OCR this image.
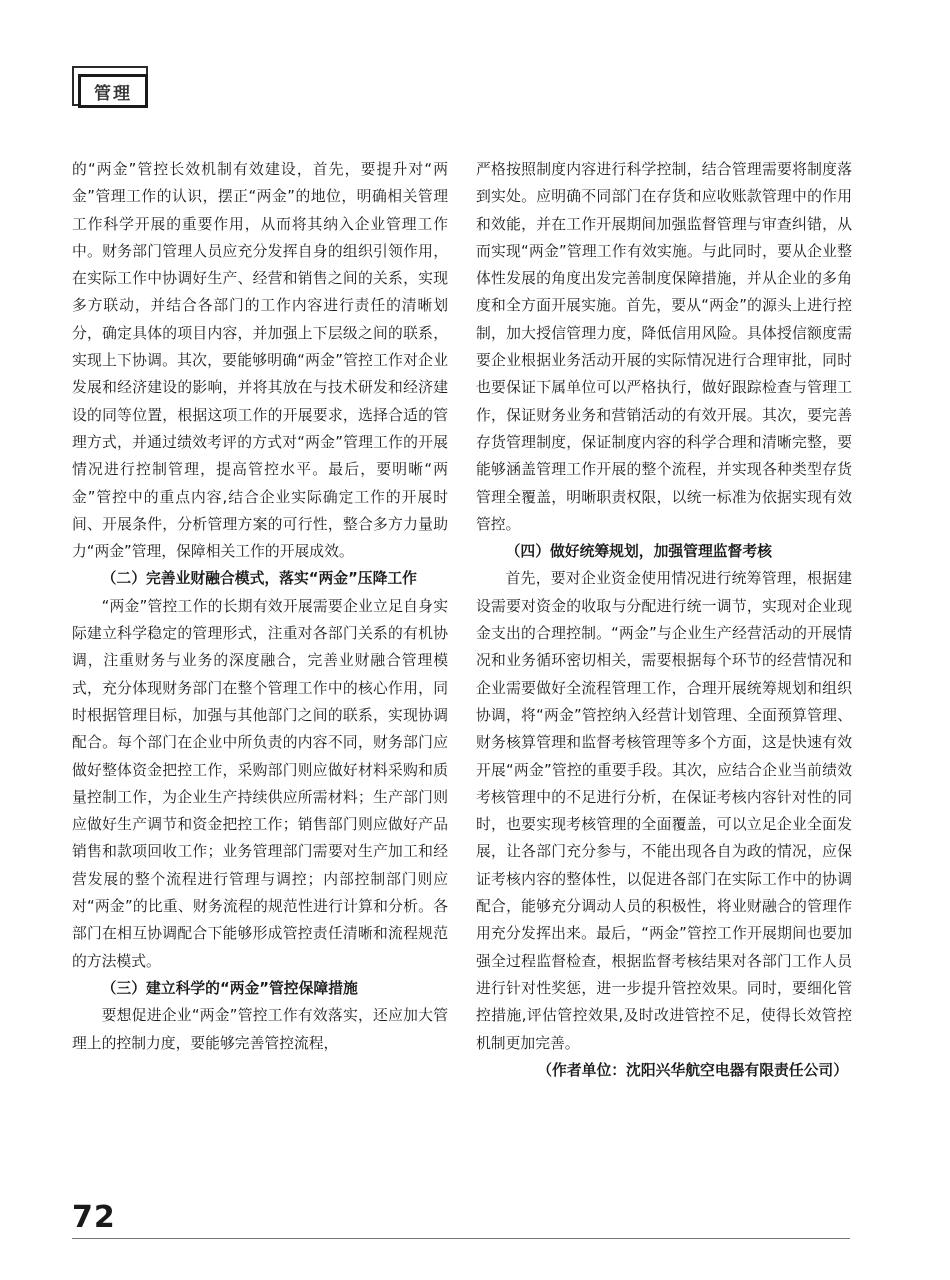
管理

的“两金”管控长效机制有效建设，首先，要提升对“两金”管理工作的认识，摆正“两金”的地位，明确相关管理工作科学开展的重要作用，从而将其纳入企业管理工作中。财务部门管理人员应充分发挥自身的组织引领作用，在实际工作中协调好生产、经营和销售之间的关系，实现多方联动，并结合各部门的工作内容进行责任的清晰划分，确定具体的项目内容，并加强上下层级之间的联系，实现上下协调。其次，要能够明确“两金”管控工作对企业发展和经济建设的影响，并将其放在与技术研发和经济建设的同等位置，根据这项工作的开展要求，选择合适的管理方式，并通过绩效考评的方式对“两金”管理工作的开展情况进行控制管理，提高管控水平。最后，要明晰“两金”管控中的重点内容,结合企业实际确定工作的开展时间、开展条件，分析管理方案的可行性，整合多方力量助力“两金”管理，保障相关工作的开展成效。

（二）完善业财融合模式，落实“两金”压降工作

“两金”管控工作的长期有效开展需要企业立足自身实际建立科学稳定的管理形式，注重对各部门关系的有机协调，注重财务与业务的深度融合，完善业财融合管理模式，充分体现财务部门在整个管理工作中的核心作用，同时根据管理目标，加强与其他部门之间的联系，实现协调配合。每个部门在企业中所负责的内容不同，财务部门应做好整体资金把控工作，采购部门则应做好材料采购和质量控制工作，为企业生产持续供应所需材料；生产部门则应做好生产调节和资金把控工作；销售部门则应做好产品销售和款项回收工作；业务管理部门需要对生产加工和经营发展的整个流程进行管理与调控；内部控制部门则应对“两金”的比重、财务流程的规范性进行计算和分析。各部门在相互协调配合下能够形成管控责任清晰和流程规范的方法模式。

（三）建立科学的“两金”管控保障措施

要想促进企业“两金”管控工作有效落实，还应加大管理上的控制力度，要能够完善管控流程，

严格按照制度内容进行科学控制，结合管理需要将制度落到实处。应明确不同部门在存货和应收账款管理中的作用和效能，并在工作开展期间加强监督管理与审查纠错，从而实现“两金”管理工作有效实施。与此同时，要从企业整体性发展的角度出发完善制度保障措施，并从企业的多角度和全方面开展实施。首先，要从“两金”的源头上进行控制，加大授信管理力度，降低信用风险。具体授信额度需要企业根据业务活动开展的实际情况进行合理审批，同时也要保证下属单位可以严格执行，做好跟踪检查与管理工作，保证财务业务和营销活动的有效开展。其次，要完善存货管理制度，保证制度内容的科学合理和清晰完整，要能够涵盖管理工作开展的整个流程，并实现各种类型存货管理全覆盖，明晰职责权限，以统一标准为依据实现有效管控。

（四）做好统筹规划，加强管理监督考核

首先，要对企业资金使用情况进行统筹管理，根据建设需要对资金的收取与分配进行统一调节，实现对企业现金支出的合理控制。“两金”与企业生产经营活动的开展情况和业务循环密切相关，需要根据每个环节的经营情况和企业需要做好全流程管理工作，合理开展统筹规划和组织协调，将“两金”管控纳入经营计划管理、全面预算管理、财务核算管理和监督考核管理等多个方面，这是快速有效开展“两金”管控的重要手段。其次，应结合企业当前绩效考核管理中的不足进行分析，在保证考核内容针对性的同时，也要实现考核管理的全面覆盖，可以立足企业全面发展，让各部门充分参与，不能出现各自为政的情况，应保证考核内容的整体性，以促进各部门在实际工作中的协调配合，能够充分调动人员的积极性，将业财融合的管理作用充分发挥出来。最后，“两金”管控工作开展期间也要加强全过程监督检查，根据监督考核结果对各部门工作人员进行针对性奖惩，进一步提升管控效果。同时，要细化管控措施,评估管控效果,及时改进管控不足，使得长效管控机制更加完善。

（作者单位：沈阳兴华航空电器有限责任公司）

72
